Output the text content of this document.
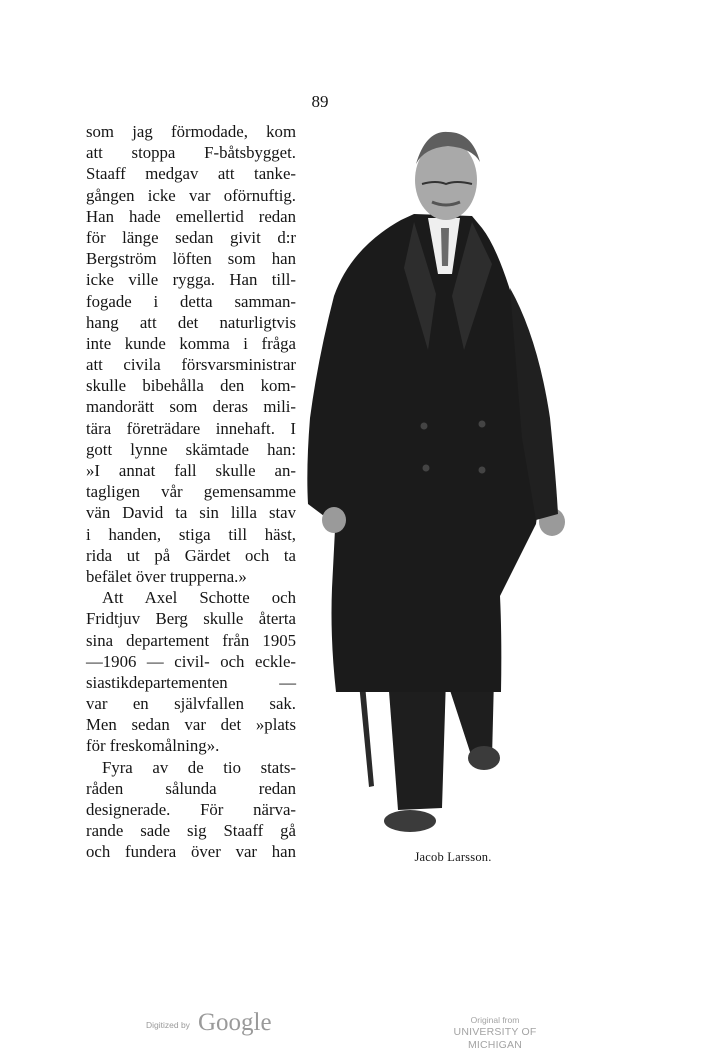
89
som jag förmodade, kom
att stoppa F-båtsbygget.
Staaff medgav att tanke-
gången icke var oförnuftig.
Han hade emellertid redan
för länge sedan givit d:r
Bergström löften som han
icke ville rygga. Han till-
fogade i detta samman-
hang att det naturligtvis
inte kunde komma i fråga
att civila försvarsministrar
skulle bibehålla den kom-
mandorätt som deras mili-
tära företrädare innehaft. I
gott lynne skämtade han:
»I annat fall skulle an-
tagligen vår gemensamme
vän David ta sin lilla stav
i handen, stiga till häst,
rida ut på Gärdet och ta
befälet över trupperna.»
Att Axel Schotte och
Fridtjuv Berg skulle återta
sina departement från 1905
—1906 — civil- och eckle-
siastikdepartementen —
var en självfallen sak.
Men sedan var det »plats
för freskomålning».
Fyra av de tio stats-
råden sålunda redan
designerade. För närva-
rande sade sig Staaff gå
och fundera över var han	Jacob Larsson.
Digitized by Google	Original from
UNIVERSITY OF MICHIGAN
